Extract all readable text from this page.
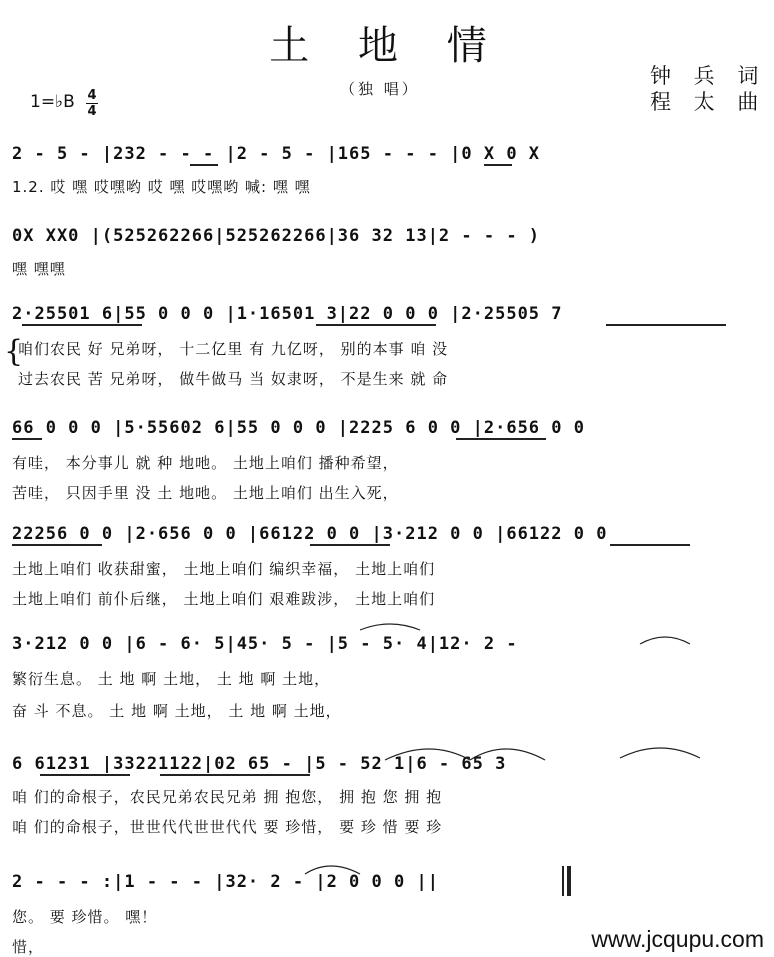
土 地 情
（独 唱）
钟 兵 词
程 太 曲
1=♭B 4
4
2 - 5 - |232 - - - |2 - 5 - |165 - - - |0 X 0 X
1.2. 哎 嘿 哎嘿哟 哎 嘿 哎嘿哟 喊: 嘿 嘿
0X XX0 |(525262266|525262266|36 32 13|2 - - - )
嘿 嘿嘿
2·25501 6|55 0 0 0 |1·16501 3|22 0 0 0 |2·25505 7
{
咱们农民 好 兄弟呀， 十二亿里 有 九亿呀， 别的本事 咱 没
过去农民 苦 兄弟呀， 做牛做马 当 奴隶呀， 不是生来 就 命
66 0 0 0 |5·55602 6|55 0 0 0 |2225 6 0 0 |2·656 0 0
有哇， 本分事儿 就 种 地吔。 土地上咱们 播种希望，
苦哇， 只因手里 没 土 地吔。 土地上咱们 出生入死，
22256 0 0 |2·656 0 0 |66122 0 0 |3·212 0 0 |66122 0 0
土地上咱们 收获甜蜜， 土地上咱们 编织幸福， 土地上咱们
土地上咱们 前仆后继， 土地上咱们 艰难跋涉， 土地上咱们
3·212 0 0 |6 - 6· 5|45· 5 - |5 - 5· 4|12· 2 -
繁衍生息。 土 地 啊 土地， 土 地 啊 土地，
奋 斗 不息。 土 地 啊 土地， 土 地 啊 土地，
6 61231 |33221122|02 65 - |5 - 52 1|6 - 65 3
咱 们的命根子，农民兄弟农民兄弟 拥 抱您， 拥 抱 您 拥 抱
咱 们的命根子，世世代代世世代代 要 珍惜， 要 珍 惜 要 珍
2 - - - :|1 - - - |32· 2 - |2 0 0 0 ||
您。 要 珍惜。 嘿！
惜，	www.jcqupu.com
